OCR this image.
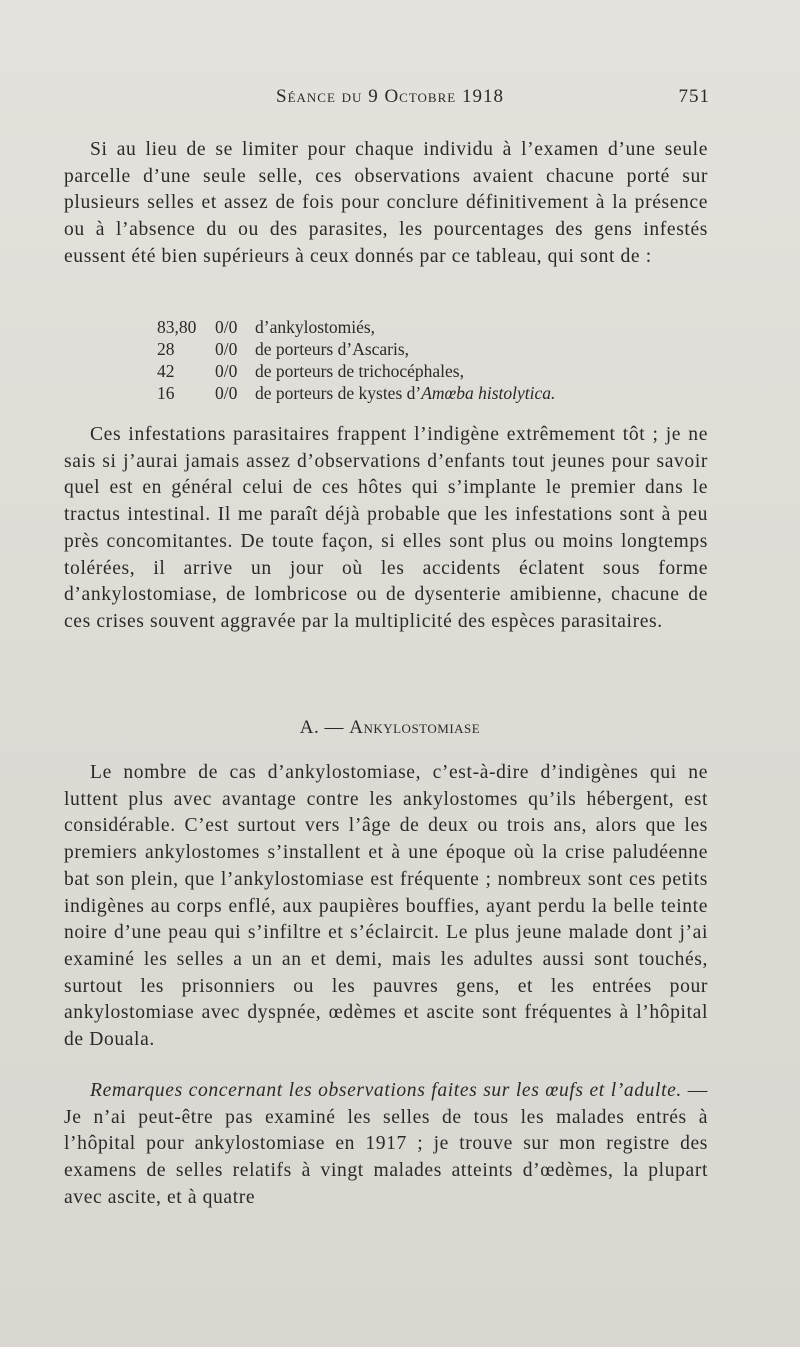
Séance du 9 Octobre 1918	751

Si au lieu de se limiter pour chaque individu à l’examen d’une seule parcelle d’une seule selle, ces observations avaient chacune porté sur plusieurs selles et assez de fois pour conclure définitivement à la présence ou à l’absence du ou des parasites, les pourcentages des gens infestés eussent été bien supérieurs à ceux donnés par ce tableau, qui sont de :

83,80	0/0	d’ankylostomiés,
28	0/0	de porteurs d’Ascaris,
42	0/0	de porteurs de trichocéphales,
16	0/0	de porteurs de kystes d’Amœba histolytica.

Ces infestations parasitaires frappent l’indigène extrêmement tôt ; je ne sais si j’aurai jamais assez d’observations d’enfants tout jeunes pour savoir quel est en général celui de ces hôtes qui s’implante le premier dans le tractus intestinal. Il me paraît déjà probable que les infestations sont à peu près concomitantes. De toute façon, si elles sont plus ou moins longtemps tolérées, il arrive un jour où les accidents éclatent sous forme d’ankylostomiase, de lombricose ou de dysenterie amibienne, chacune de ces crises souvent aggravée par la multiplicité des espèces parasitaires.

A. — Ankylostomiase

Le nombre de cas d’ankylostomiase, c’est-à-dire d’indigènes qui ne luttent plus avec avantage contre les ankylostomes qu’ils hébergent, est considérable. C’est surtout vers l’âge de deux ou trois ans, alors que les premiers ankylostomes s’installent et à une époque où la crise paludéenne bat son plein, que l’ankylostomiase est fréquente ; nombreux sont ces petits indigènes au corps enflé, aux paupières bouffies, ayant perdu la belle teinte noire d’une peau qui s’infiltre et s’éclaircit. Le plus jeune malade dont j’ai examiné les selles a un an et demi, mais les adultes aussi sont touchés, surtout les prisonniers ou les pauvres gens, et les entrées pour ankylostomiase avec dyspnée, œdèmes et ascite sont fréquentes à l’hôpital de Douala.

Remarques concernant les observations faites sur les œufs et l’adulte. — Je n’ai peut-être pas examiné les selles de tous les malades entrés à l’hôpital pour ankylostomiase en 1917 ; je trouve sur mon registre des examens de selles relatifs à vingt malades atteints d’œdèmes, la plupart avec ascite, et à quatre
